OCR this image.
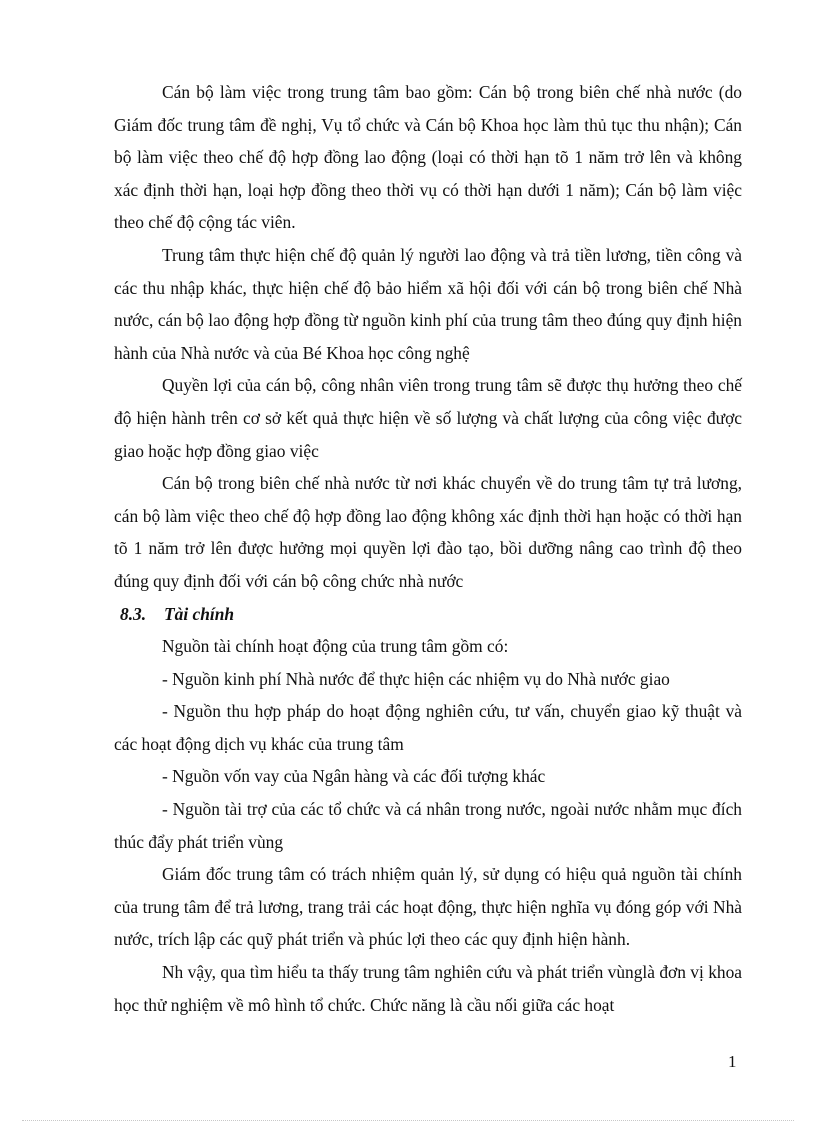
Cán bộ làm việc trong trung tâm bao gồm: Cán bộ trong biên chế nhà nước (do Giám đốc trung tâm đề nghị, Vụ tổ chức và Cán bộ Khoa học làm thủ tục thu nhận); Cán bộ làm việc theo chế độ hợp đồng lao động (loại có thời hạn tõ 1 năm trở lên và không xác định thời hạn, loại hợp đồng theo thời vụ có thời hạn dưới 1 năm); Cán bộ làm việc theo chế độ cộng tác viên.

Trung tâm thực hiện chế độ quản lý người lao động và trả tiền lương, tiền công và các thu nhập khác, thực hiện chế độ bảo hiểm xã hội đối với cán bộ trong biên chế Nhà nước, cán bộ lao động hợp đồng từ nguồn kinh phí của trung tâm theo đúng quy định hiện hành của Nhà nước và của Bé Khoa học công nghệ

Quyền lợi của cán bộ, công nhân viên trong trung tâm sẽ được thụ hưởng theo chế độ hiện hành trên cơ sở kết quả thực hiện về số lượng và chất lượng của công việc được giao hoặc hợp đồng giao việc

Cán bộ trong biên chế nhà nước từ nơi khác chuyển về do trung tâm tự trả lương, cán bộ làm việc theo chế độ hợp đồng lao động không xác định thời hạn hoặc có thời hạn tõ 1 năm trở lên được hưởng mọi quyền lợi đào tạo, bồi dưỡng nâng cao trình độ theo đúng quy định đối với cán bộ công chức nhà nước

8.3. Tài chính

Nguồn tài chính hoạt động của trung tâm gồm có:

- Nguồn kinh phí Nhà nước để thực hiện các nhiệm vụ do Nhà nước giao

- Nguồn thu hợp pháp do hoạt động nghiên cứu, tư vấn, chuyển giao kỹ thuật và các hoạt động dịch vụ khác của trung tâm

- Nguồn vốn vay của Ngân hàng và các đối tượng khác

- Nguồn tài trợ của các tổ chức và cá nhân trong nước, ngoài nước nhằm mục đích thúc đẩy phát triển vùng

Giám đốc trung tâm có trách nhiệm quản lý, sử dụng có hiệu quả nguồn tài chính của trung tâm để trả lương, trang trải các hoạt động, thực hiện nghĩa vụ đóng góp với Nhà nước, trích lập các quỹ phát triển và phúc lợi theo các quy định hiện hành.

Nh vậy, qua tìm hiểu ta thấy trung tâm nghiên cứu và phát triển vùnglà đơn vị khoa học thử nghiệm về mô hình tổ chức. Chức năng là cầu nối giữa các hoạt

1
